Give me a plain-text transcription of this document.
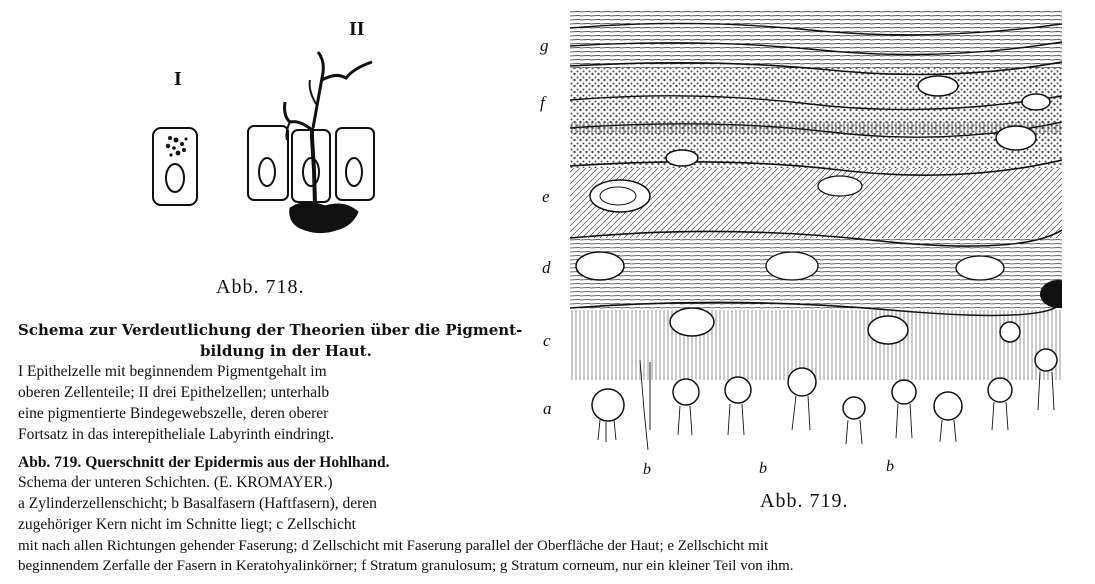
I
II
Abb. 718.
Schema zur Verdeutlichung der Theorien über die Pigment-
bildung in der Haut.
I Epithelzelle mit beginnendem Pigmentgehalt im
oberen Zellenteile; II drei Epithelzellen; unterhalb
eine pigmentierte Bindegewebszelle, deren oberer
Fortsatz in das interepitheliale Labyrinth eindringt.
Abb. 719. Querschnitt der Epidermis aus der Hohlhand.
Schema der unteren Schichten. (E. KROMAYER.)
a Zylinderzellenschicht; b Basalfasern (Haftfasern), deren
zugehöriger Kern nicht im Schnitte liegt; c Zellschicht
mit nach allen Richtungen gehender Faserung; d Zellschicht mit Faserung parallel der Oberfläche der Haut; e Zellschicht mit
beginnendem Zerfalle der Fasern in Keratohyalinkörner; f Stratum granulosum; g Stratum corneum, nur ein kleiner Teil von ihm.
g
f
e
d
c
a
b	b	b
Abb. 719.
